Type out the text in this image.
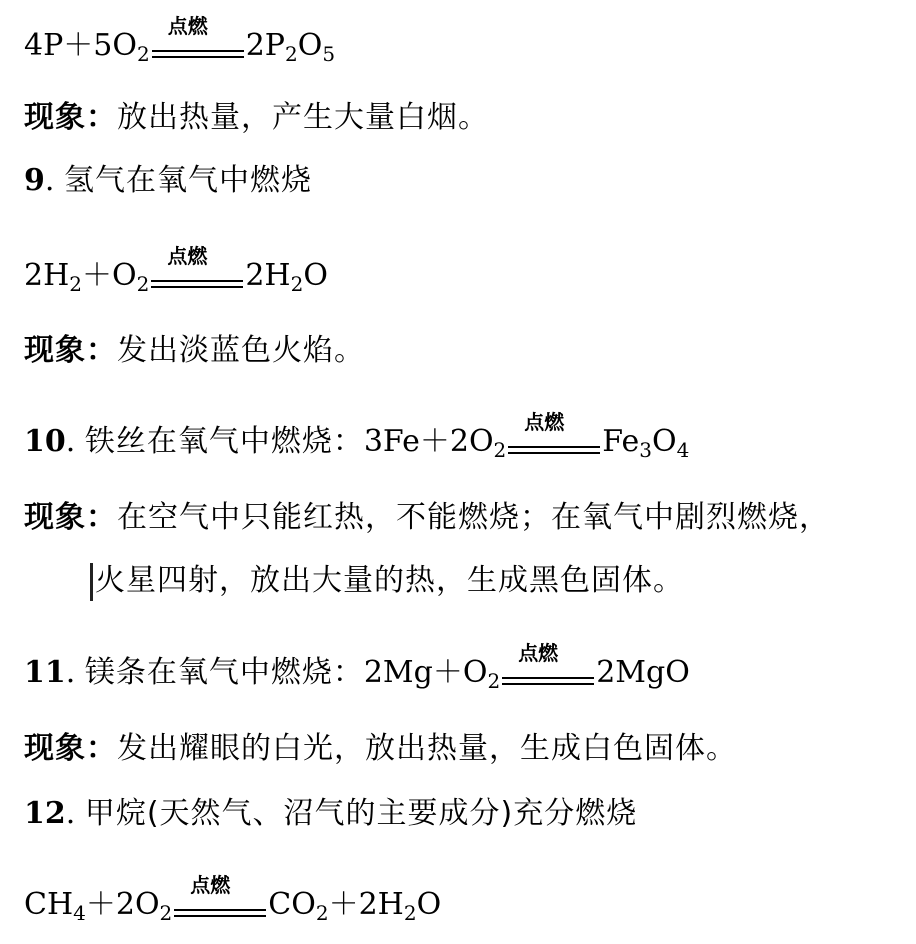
$4P+5O_2$
点燃
$2P_2O_5$
现象：放出热量，产生大量白烟。
9. 氢气在氧气中燃烧
$2H_2+O_2$
点燃
$2H_2O$
现象：发出淡蓝色火焰。
10. 铁丝在氧气中燃烧：$3Fe+2O_2$
点燃
$Fe_3O_4$
现象：在空气中只能红热，不能燃烧；在氧气中剧烈燃烧，
火星四射，放出大量的热，生成黑色固体。
11. 镁条在氧气中燃烧：$2Mg+O_2$
点燃
2MgO
现象：发出耀眼的白光，放出热量，生成白色固体。
12. 甲烷(天然气、沼气的主要成分)充分燃烧
$CH_4+2O_2$
点燃
$CO_2+2H_2O$
